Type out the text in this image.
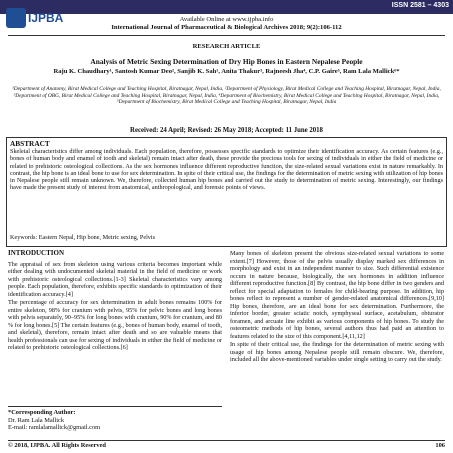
ISSN 2581 – 4303
IJPBA	Available Online at www.ijpba.info
International Journal of Pharmaceutical & Biological Archives 2018; 9(2):106-112
RESEARCH ARTICLE
Analysis of Metric Sexing Determination of Dry Hip Bones in Eastern Nepalese People
Raju K. Chaudhary¹, Santosh Kumar Deo², Sanjib K. Sah¹, Anita Thakur³, Rajneesh Jha⁴, C.P. Gaire⁵, Ram Lala Mallick⁶*
¹Department of Anatomy, Birat Medical College and Teaching Hospital, Biratnagar, Nepal, India, ²Department of Physiology, Birat Medical College and Teaching Hospital, Biratnagar, Nepal, India, ³Department of OBG, Birat Medical College and Teaching Hospital, Biratnagar, Nepal, India, ⁴Department of Biochemistry, Birat Medical College and Teaching Hospital, Biratnagar, Nepal, India, ⁵Department of Biochemistry, Birat Medical College and Teaching Hospital, Biratnagar, Nepal, India
Received: 24 April; Revised: 26 May 2018; Accepted: 11 June 2018
ABSTRACT
Skeletal characteristics differ among individuals. Each population, therefore, possesses specific standards to optimize their identification accuracy. As certain features (e.g., bones of human body and enamel of tooth and skeletal) remain intact after death, these provide the precious tools for sexing of individuals in either the field of medicine or related to prehistoric osteological collections. As the sex hormones influence different reproductive function, the size-related sexual variations exist in nature remarkably. In contrast, the hip bone is an ideal bone to use for sex determination. In spite of their critical use, the findings for the determination of metric sexing with utilization of hip bones in Nepalese people still remain unknown. We, therefore, collected human hip bones and carried out the study to determination of metric sexing. Interestingly, our findings have made the present study of interest from anatomical, anthropological, and forensic points of views.
Keywords: Eastern Nepal, Hip bone, Metric sexing, Pelvis
INTRODUCTION

The appraisal of sex from skeleton using various criteria becomes important while either dealing with undocumented skeletal material in the field of medicine or work with prehistoric osteological collections.[1-3] Skeletal characteristics vary among people. Each population, therefore, exhibits specific standards to optimization of their identification accuracy.[4]

The percentage of accuracy for sex determination in adult bones remains 100% for entire skeleton, 98% for cranium with pelvis, 95% for pelvic bones and long bones with pelvis separately, 90–95% for long bones with cranium, 90% for cranium, and 80 % for long bones.[5] The certain features (e.g., bones of human body, enamel of tooth, and skeletal), therefore, remain intact after death and so are valuable means that health professionals can use for sexing of individuals in either the field of medicine or related to prehistoric osteological collections.[6]

Many bones of skeleton present the obvious size-related sexual variations to some extent.[7] However, those of the pelvis usually display marked sex differences in morphology and exist in an independent manner to size. Such differential existence occurs in nature because, biologically, the sex hormones in addition influence different reproductive function.[8] By contrast, the hip bone differ in two genders and reflect for special adaptation to females for child-bearing purpose. In addition, hip bones reflect to represent a number of gender-related anatomical differences.[9,10] Hip bones, therefore, are an ideal bone for sex determination. Furthermore, the inferior border, greater sciatic notch, symphyseal surface, acetabulum, obturator foramen, and arcuate line exhibit as various components of hip bones. To study the osteometric methods of hip bones, several authors thus had paid an attention to features related to the size of this component.[4,11,12]

In spite of their critical use, the findings for the determination of metric sexing with usage of hip bones among Nepalese people still remain obscure. We, therefore, included all the above-mentioned variables under single setting to carry out the study.

*Corresponding Author:
Dr. Ram Lala Mallick
E-mail: ramlalamallick@gmail.com
© 2018, IJPBA. All Rights Reserved	106
